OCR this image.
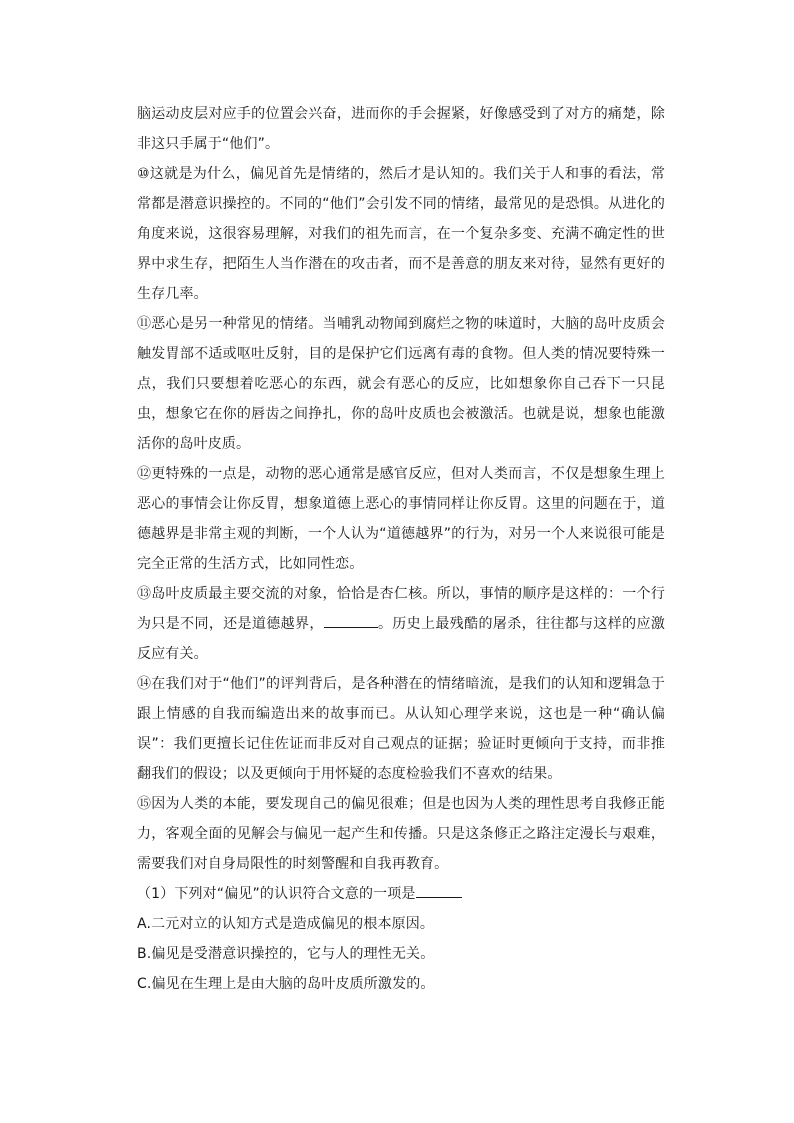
脑运动皮层对应手的位置会兴奋，进而你的手会握紧，好像感受到了对方的痛楚，除非这只手属于“他们”。

⑩这就是为什么，偏见首先是情绪的，然后才是认知的。我们关于人和事的看法，常常都是潜意识操控的。不同的“他们”会引发不同的情绪，最常见的是恐惧。从进化的角度来说，这很容易理解，对我们的祖先而言，在一个复杂多变、充满不确定性的世界中求生存，把陌生人当作潜在的攻击者，而不是善意的朋友来对待，显然有更好的生存几率。

⑪恶心是另一种常见的情绪。当哺乳动物闻到腐烂之物的味道时，大脑的岛叶皮质会触发胃部不适或呕吐反射，目的是保护它们远离有毒的食物。但人类的情况要特殊一点，我们只要想着吃恶心的东西，就会有恶心的反应，比如想象你自己吞下一只昆虫，想象它在你的唇齿之间挣扎，你的岛叶皮质也会被激活。也就是说，想象也能激活你的岛叶皮质。

⑫更特殊的一点是，动物的恶心通常是感官反应，但对人类而言，不仅是想象生理上恶心的事情会让你反胃，想象道德上恶心的事情同样让你反胃。这里的问题在于，道德越界是非常主观的判断，一个人认为“道德越界”的行为，对另一个人来说很可能是完全正常的生活方式，比如同性恋。

⑬岛叶皮质最主要交流的对象，恰恰是杏仁核。所以，事情的顺序是这样的：一个行为只是不同，还是道德越界，	。历史上最残酷的屠杀，往往都与这样的应激反应有关。

⑭在我们对于“他们”的评判背后，是各种潜在的情绪暗流，是我们的认知和逻辑急于跟上情感的自我而编造出来的故事而已。从认知心理学来说，这也是一种“确认偏误”：我们更擅长记住佐证而非反对自己观点的证据；验证时更倾向于支持，而非推翻我们的假设；以及更倾向于用怀疑的态度检验我们不喜欢的结果。

⑮因为人类的本能，要发现自己的偏见很难；但是也因为人类的理性思考自我修正能力，客观全面的见解会与偏见一起产生和传播。只是这条修正之路注定漫长与艰难，需要我们对自身局限性的时刻警醒和自我再教育。

（1）下列对“偏见”的认识符合文意的一项是

A.二元对立的认知方式是造成偏见的根本原因。

B.偏见是受潜意识操控的，它与人的理性无关。

C.偏见在生理上是由大脑的岛叶皮质所激发的。
